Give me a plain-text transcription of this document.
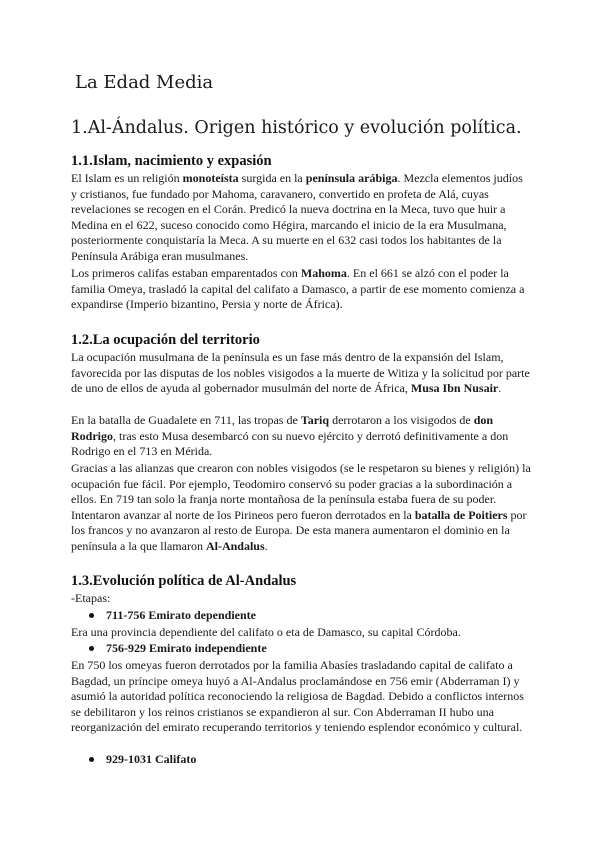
La Edad Media
1.Al-Ándalus. Origen histórico y evolución política.
1.1.Islam, nacimiento y expasión

El Islam es un religión monoteísta surgida en la península arábiga. Mezcla elementos judíos y cristianos, fue fundado por Mahoma, caravanero, convertido en profeta de Alá, cuyas revelaciones se recogen en el Corán. Predicó la nueva doctrina en la Meca, tuvo que huir a Medina en el 622, suceso conocido como Hégira, marcando el inicio de la era Musulmana, posteriormente conquistaría la Meca. A su muerte en el 632 casi todos los habitantes de la Península Arábiga eran musulmanes.

Los primeros califas estaban emparentados con Mahoma. En el 661 se alzó con el poder la familia Omeya, trasladó la capital del califato a Damasco, a partir de ese momento comienza a expandirse (Imperio bizantino, Persia y norte de África).

1.2.La ocupación del territorio

La ocupación musulmana de la península es un fase más dentro de la expansión del Islam, favorecida por las disputas de los nobles visigodos a la muerte de Witiza y la solicitud por parte de uno de ellos de ayuda al gobernador musulmán del norte de África, Musa Ibn Nusair.

En la batalla de Guadalete en 711, las tropas de Tariq derrotaron a los visigodos de don Rodrigo, tras esto Musa desembarcó con su nuevo ejército y derrotó definitivamente a don Rodrigo en el 713 en Mérida.

Gracias a las alianzas que crearon con nobles visigodos (se le respetaron su bienes y religión) la ocupación fue fácil. Por ejemplo, Teodomiro conservó su poder gracias a la subordinación a ellos. En 719 tan solo la franja norte montañosa de la península estaba fuera de su poder. Intentaron avanzar al norte de los Pirineos pero fueron derrotados en la batalla de Poitiers por los francos y no avanzaron al resto de Europa. De esta manera aumentaron el dominio en la península a la que llamaron Al-Andalus.

1.3.Evolución política de Al-Andalus

-Etapas:

711-756 Emirato dependiente

Era una provincia dependiente del califato o eta de Damasco, su capital Córdoba.

756-929 Emirato independiente

En 750 los omeyas fueron derrotados por la familia Abasíes trasladando capital de califato a Bagdad, un príncipe omeya huyó a Al-Andalus proclamándose en 756 emir (Abderraman I) y asumió la autoridad política reconociendo la religiosa de Bagdad. Debido a conflictos internos se debilitaron y los reinos cristianos se expandieron al sur. Con Abderraman II hubo una reorganización del emirato recuperando territorios y teniendo esplendor económico y cultural.

929-1031 Califato
